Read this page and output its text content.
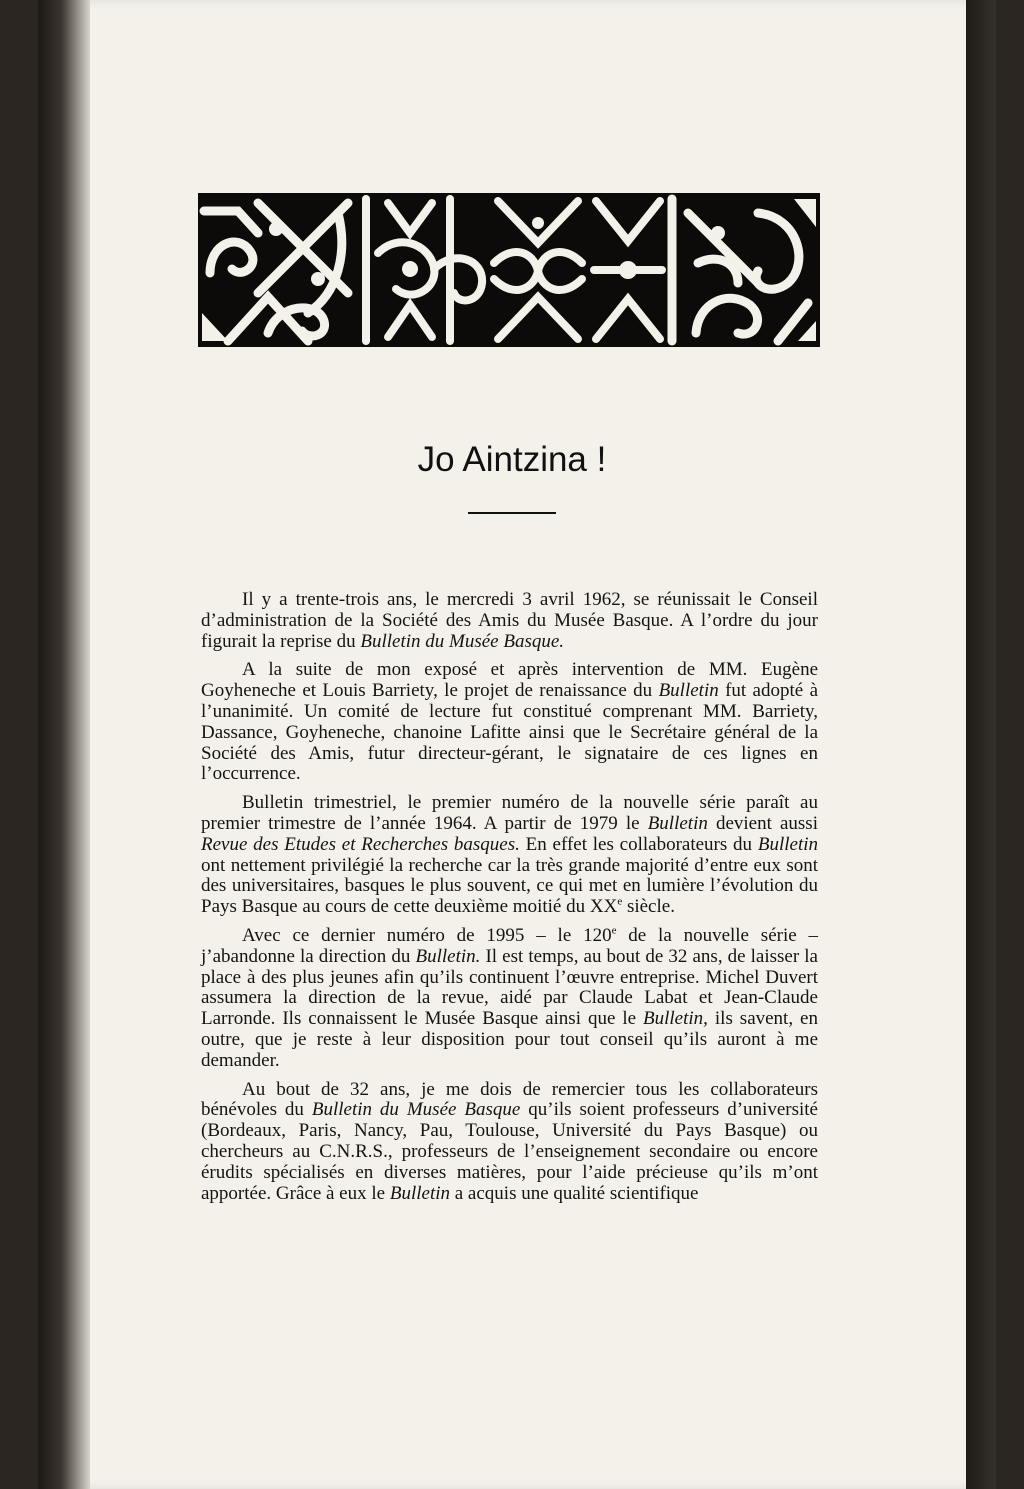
Jo Aintzina !

Il y a trente-trois ans, le mercredi 3 avril 1962, se réunissait le Conseil d’administration de la Société des Amis du Musée Basque. A l’ordre du jour figurait la reprise du Bulletin du Musée Basque.

A la suite de mon exposé et après intervention de MM. Eugène Goyheneche et Louis Barriety, le projet de renaissance du Bulletin fut adopté à l’unanimité. Un comité de lecture fut constitué comprenant MM. Barriety, Dassance, Goyheneche, chanoine Lafitte ainsi que le Secrétaire général de la Société des Amis, futur directeur-gérant, le signataire de ces lignes en l’occurrence.

Bulletin trimestriel, le premier numéro de la nouvelle série paraît au premier trimestre de l’année 1964. A partir de 1979 le Bulletin devient aussi Revue des Etudes et Recherches basques. En effet les collaborateurs du Bulletin ont nettement privilégié la recherche car la très grande majorité d’entre eux sont des universitaires, basques le plus souvent, ce qui met en lumière l’évolution du Pays Basque au cours de cette deuxième moitié du XXe siècle.

Avec ce dernier numéro de 1995 – le 120e de la nouvelle série – j’abandonne la direction du Bulletin. Il est temps, au bout de 32 ans, de laisser la place à des plus jeunes afin qu’ils continuent l’œuvre entreprise. Michel Duvert assumera la direction de la revue, aidé par Claude Labat et Jean-Claude Larronde. Ils connaissent le Musée Basque ainsi que le Bulletin, ils savent, en outre, que je reste à leur disposition pour tout conseil qu’ils auront à me demander.

Au bout de 32 ans, je me dois de remercier tous les collaborateurs bénévoles du Bulletin du Musée Basque qu’ils soient professeurs d’université (Bordeaux, Paris, Nancy, Pau, Toulouse, Université du Pays Basque) ou chercheurs au C.N.R.S., professeurs de l’enseignement secondaire ou encore érudits spécialisés en diverses matières, pour l’aide précieuse qu’ils m’ont apportée. Grâce à eux le Bulletin a acquis une qualité scientifique
